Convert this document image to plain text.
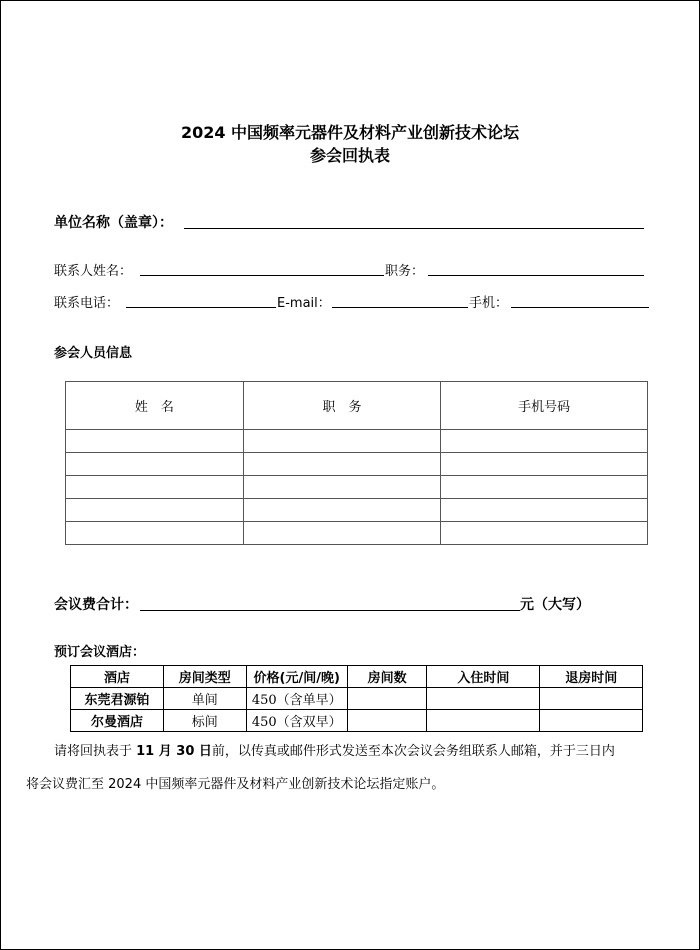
2024 中国频率元器件及材料产业创新技术论坛
参会回执表
单位名称（盖章）：
联系人姓名：	职务：
联系电话：	E-mail：	手机：
参会人员信息
姓　名	职　务	手机号码

会议费合计：	元（大写）
预订会议酒店：
酒店	房间类型	价格(元/间/晚)	房间数	入住时间	退房时间
东莞君源铂	单间	450（含单早）			
尔曼酒店	标间	450（含双早）			
请将回执表于 11 月 30 日前，以传真或邮件形式发送至本次会议会务组联系人邮箱，并于三日内
将会议费汇至 2024 中国频率元器件及材料产业创新技术论坛指定账户。
